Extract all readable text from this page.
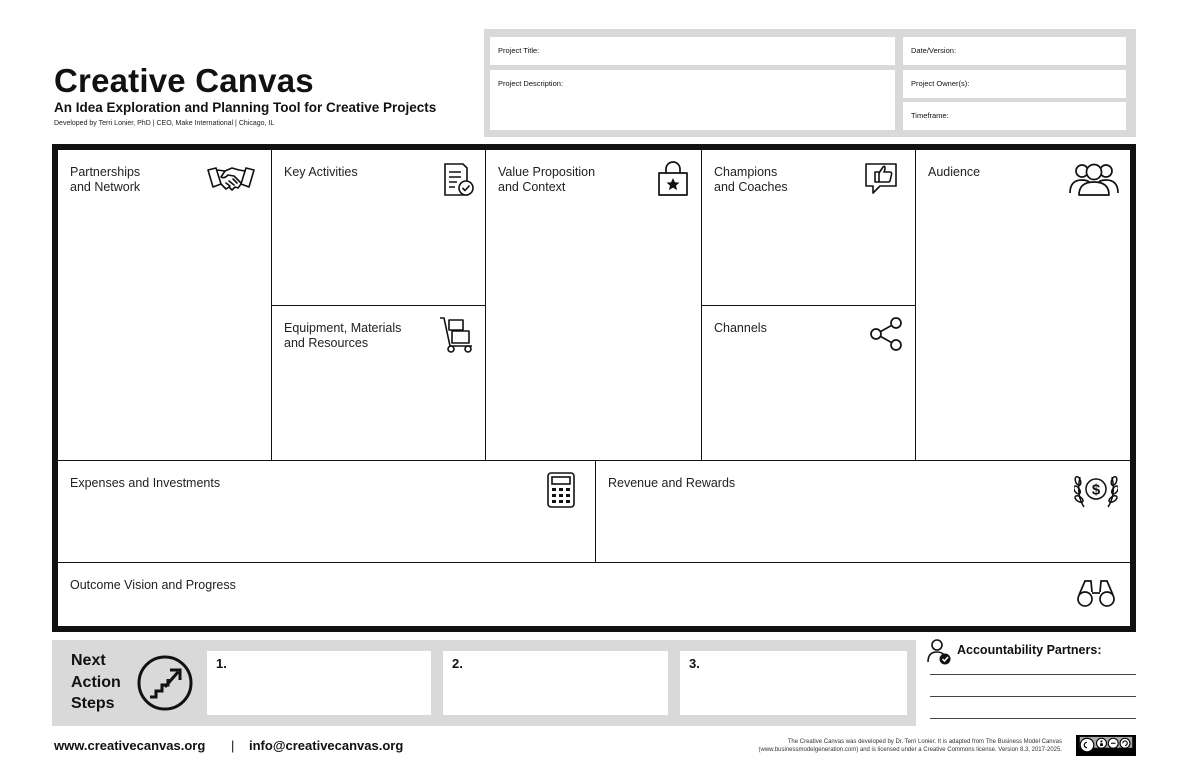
Creative Canvas
An Idea Exploration and Planning Tool for Creative Projects
Developed by Terri Lonier, PhD | CEO, Make International | Chicago, IL
Project Title:
Project Description:
Date/Version:
Project Owner(s):
Timeframe:
Partnerships
and Network
Key Activities
Equipment, Materials
and Resources
Value Proposition
and Context
Champions
and Coaches
Channels
Audience
Expenses and Investments	Revenue and Rewards	$
Outcome Vision and Progress
Next
Action
Steps
1.	2.	3.
Accountability Partners:
www.creativecanvas.org | info@creativecanvas.org	The Creative Canvas was developed by Dr. Terri Lonier. It is adapted from The Business Model Canvas (www.businessmodelgeneration.com) and is licensed under a Creative Commons license. Version 8.3, 2017-2025.
